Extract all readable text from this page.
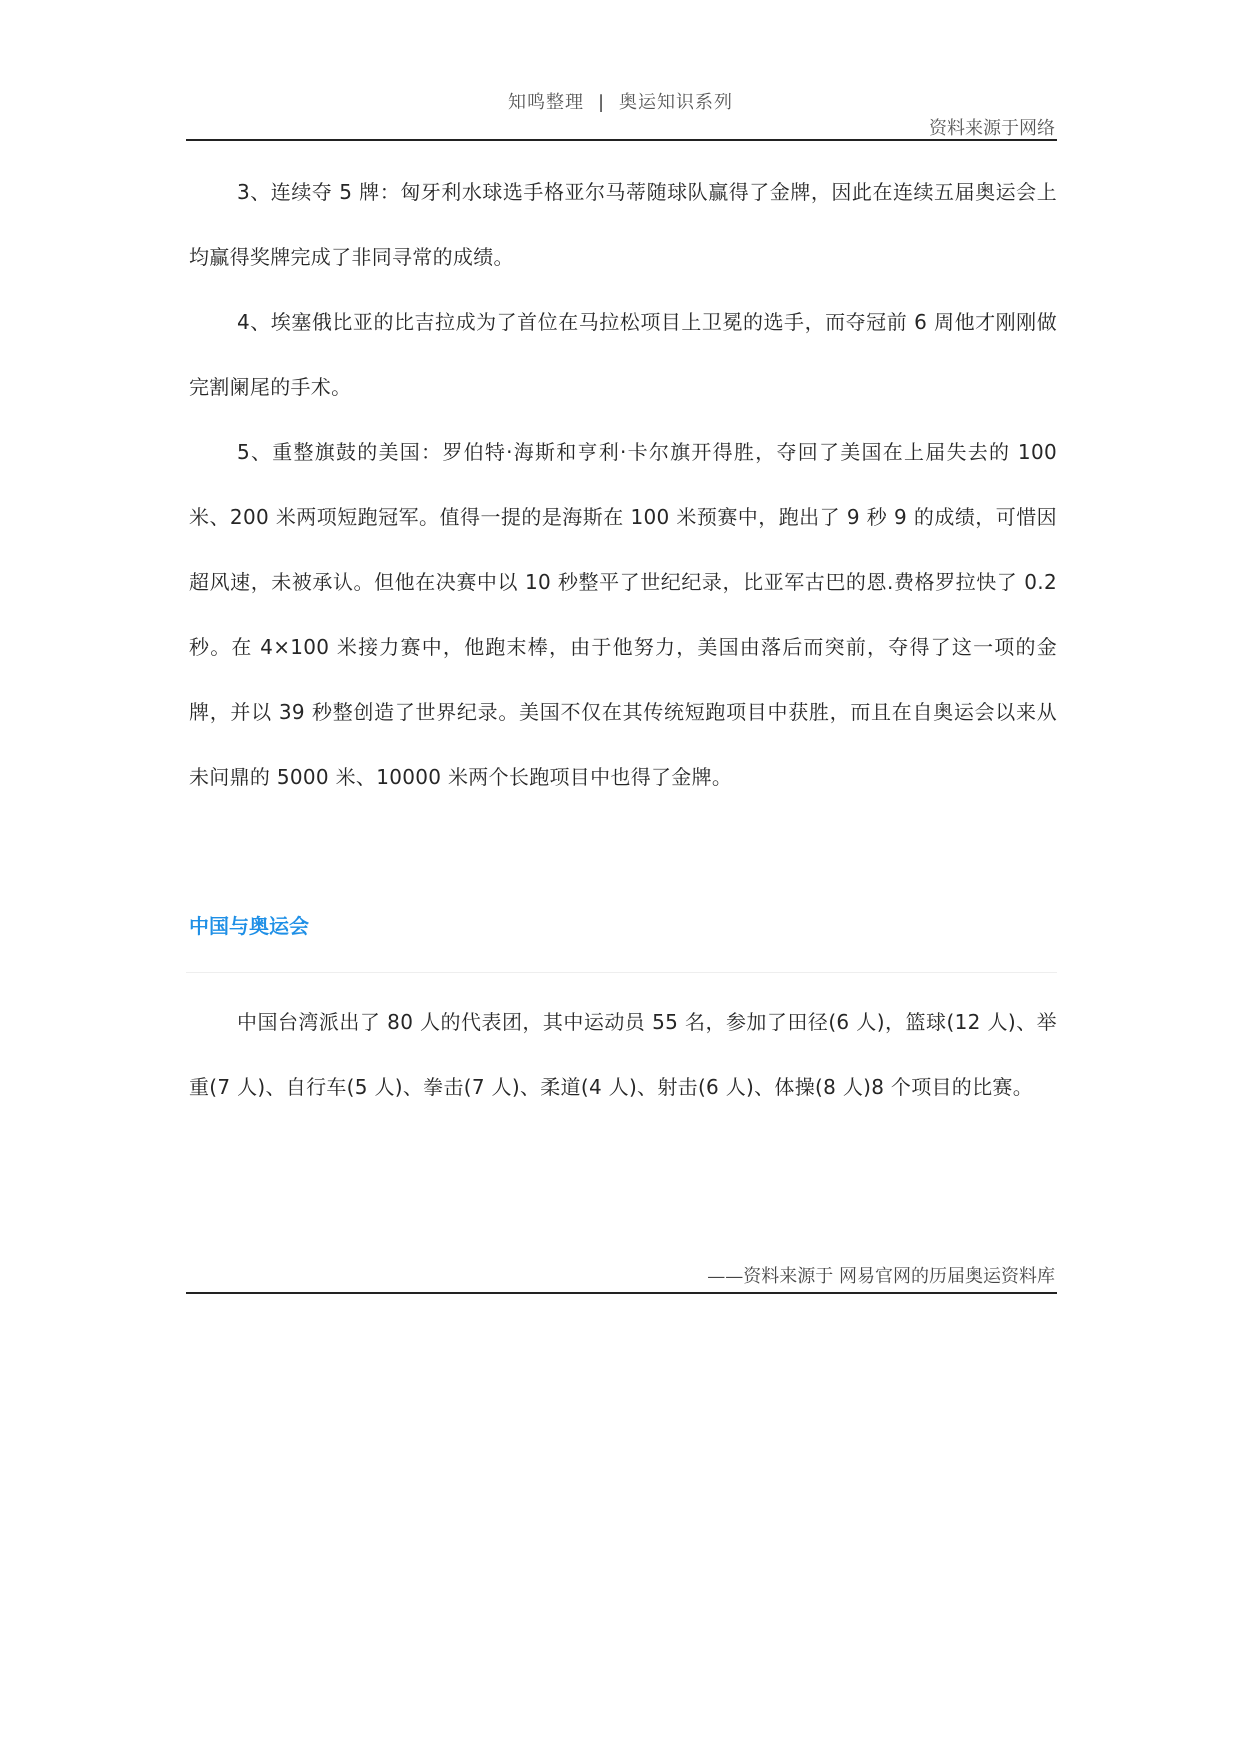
知鸣整理 | 奥运知识系列
资料来源于网络

3、连续夺 5 牌：匈牙利水球选手格亚尔马蒂随球队赢得了金牌，因此在连续五届奥运会上均赢得奖牌完成了非同寻常的成绩。

4、埃塞俄比亚的比吉拉成为了首位在马拉松项目上卫冕的选手，而夺冠前 6 周他才刚刚做完割阑尾的手术。

5、重整旗鼓的美国：罗伯特·海斯和亨利·卡尔旗开得胜，夺回了美国在上届失去的 100 米、200 米两项短跑冠军。值得一提的是海斯在 100 米预赛中，跑出了 9 秒 9 的成绩，可惜因超风速，未被承认。但他在决赛中以 10 秒整平了世纪纪录，比亚军古巴的恩.费格罗拉快了 0.2 秒。在 4×100 米接力赛中，他跑末棒，由于他努力，美国由落后而突前，夺得了这一项的金牌，并以 39 秒整创造了世界纪录。美国不仅在其传统短跑项目中获胜，而且在自奥运会以来从未问鼎的 5000 米、10000 米两个长跑项目中也得了金牌。

中国与奥运会

中国台湾派出了 80 人的代表团，其中运动员 55 名，参加了田径(6 人)，篮球(12 人)、举重(7 人)、自行车(5 人)、拳击(7 人)、柔道(4 人)、射击(6 人)、体操(8 人)8 个项目的比赛。

——资料来源于 网易官网的历届奥运资料库
